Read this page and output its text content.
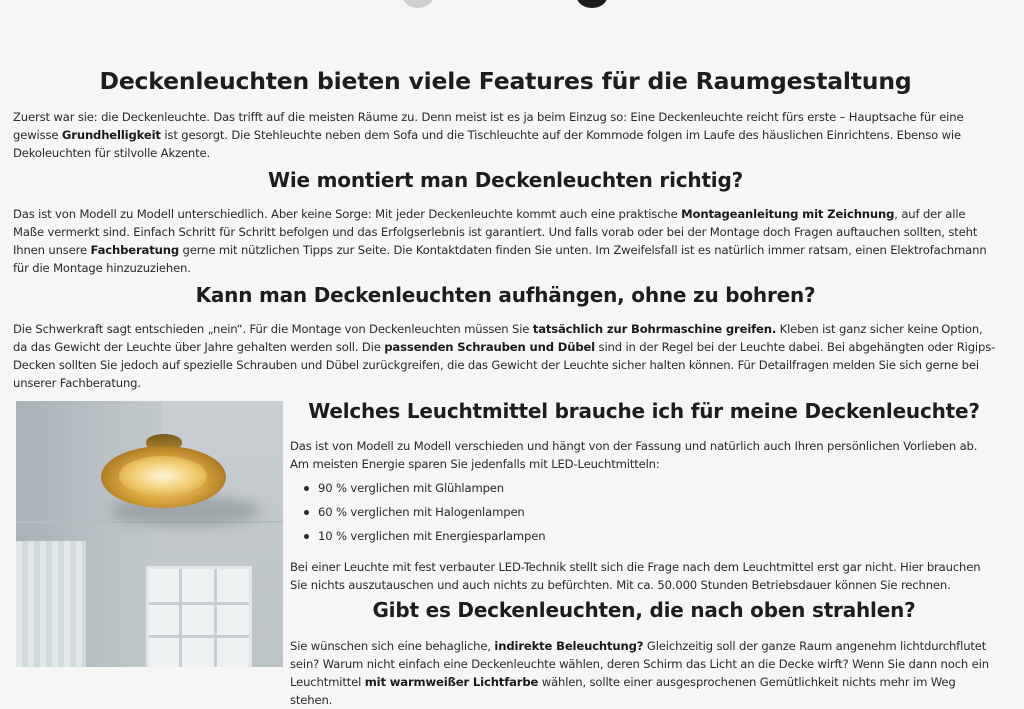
Deckenleuchten bieten viele Features für die Raumgestaltung

Zuerst war sie: die Deckenleuchte. Das trifft auf die meisten Räume zu. Denn meist ist es ja beim Einzug so: Eine Deckenleuchte reicht fürs erste – Hauptsache für eine gewisse Grundhelligkeit ist gesorgt. Die Stehleuchte neben dem Sofa und die Tischleuchte auf der Kommode folgen im Laufe des häuslichen Einrichtens. Ebenso wie Dekoleuchten für stilvolle Akzente.

Wie montiert man Deckenleuchten richtig?

Das ist von Modell zu Modell unterschiedlich. Aber keine Sorge: Mit jeder Deckenleuchte kommt auch eine praktische Montageanleitung mit Zeichnung, auf der alle Maße vermerkt sind. Einfach Schritt für Schritt befolgen und das Erfolgserlebnis ist garantiert. Und falls vorab oder bei der Montage doch Fragen auftauchen sollten, steht Ihnen unsere Fachberatung gerne mit nützlichen Tipps zur Seite. Die Kontaktdaten finden Sie unten. Im Zweifelsfall ist es natürlich immer ratsam, einen Elektrofachmann für die Montage hinzuzuziehen.

Kann man Deckenleuchten aufhängen, ohne zu bohren?

Die Schwerkraft sagt entschieden „nein“. Für die Montage von Deckenleuchten müssen Sie tatsächlich zur Bohrmaschine greifen. Kleben ist ganz sicher keine Option, da das Gewicht der Leuchte über Jahre gehalten werden soll. Die passenden Schrauben und Dübel sind in der Regel bei der Leuchte dabei. Bei abgehängten oder Rigips-Decken sollten Sie jedoch auf spezielle Schrauben und Dübel zurückgreifen, die das Gewicht der Leuchte sicher halten können. Für Detailfragen melden Sie sich gerne bei unserer Fachberatung.

Welches Leuchtmittel brauche ich für meine Deckenleuchte?

Das ist von Modell zu Modell verschieden und hängt von der Fassung und natürlich auch Ihren persönlichen Vorlieben ab. Am meisten Energie sparen Sie jedenfalls mit LED-Leuchtmitteln:

90 % verglichen mit Glühlampen
60 % verglichen mit Halogenlampen
10 % verglichen mit Energiesparlampen

Bei einer Leuchte mit fest verbauter LED-Technik stellt sich die Frage nach dem Leuchtmittel erst gar nicht. Hier brauchen Sie nichts auszutauschen und auch nichts zu befürchten. Mit ca. 50.000 Stunden Betriebsdauer können Sie rechnen.

Gibt es Deckenleuchten, die nach oben strahlen?

Sie wünschen sich eine behagliche, indirekte Beleuchtung? Gleichzeitig soll der ganze Raum angenehm lichtdurchflutet sein? Warum nicht einfach eine Deckenleuchte wählen, deren Schirm das Licht an die Decke wirft? Wenn Sie dann noch ein Leuchtmittel mit warmweißer Lichtfarbe wählen, sollte einer ausgesprochenen Gemütlichkeit nichts mehr im Weg stehen.
